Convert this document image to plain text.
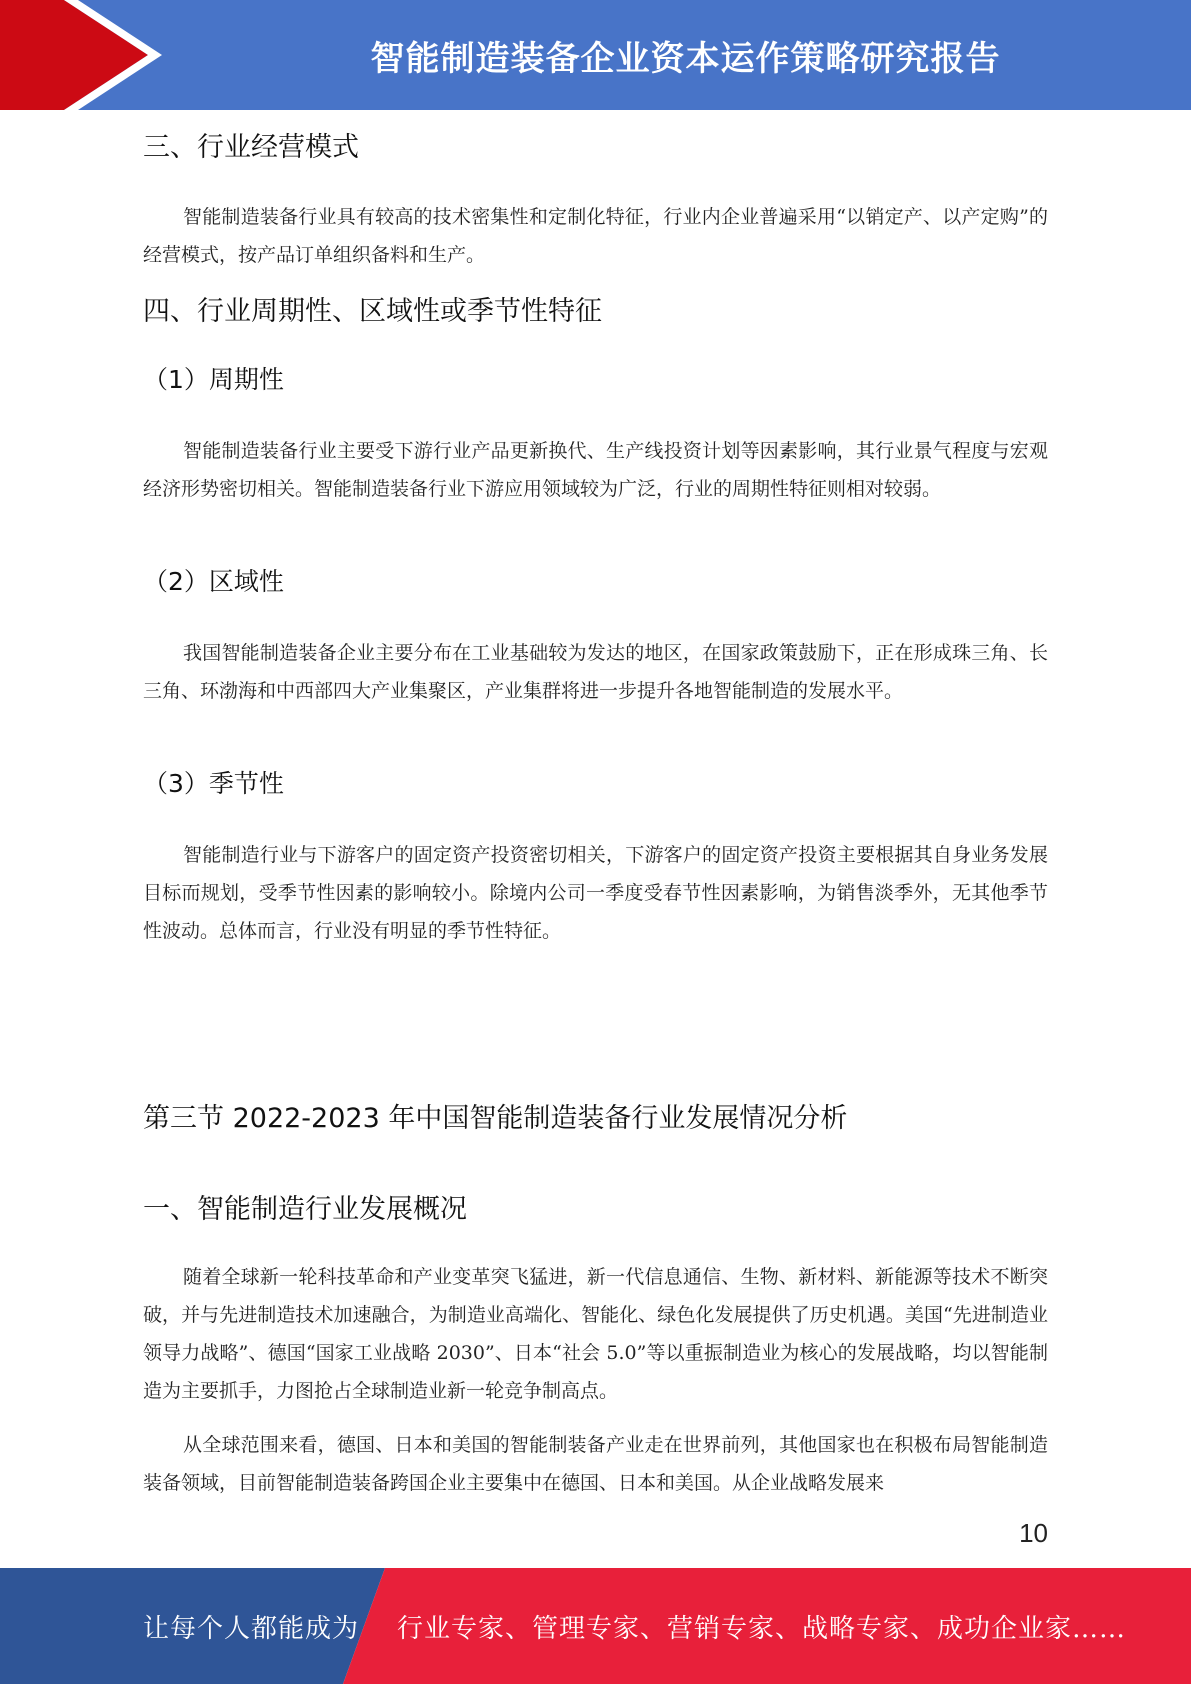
智能制造装备企业资本运作策略研究报告
三、行业经营模式
智能制造装备行业具有较高的技术密集性和定制化特征，行业内企业普遍采用“以销定产、以产定购”的经营模式，按产品订单组织备料和生产。
四、行业周期性、区域性或季节性特征
（1）周期性
智能制造装备行业主要受下游行业产品更新换代、生产线投资计划等因素影响，其行业景气程度与宏观经济形势密切相关。智能制造装备行业下游应用领域较为广泛，行业的周期性特征则相对较弱。
（2）区域性
我国智能制造装备企业主要分布在工业基础较为发达的地区，在国家政策鼓励下，正在形成珠三角、长三角、环渤海和中西部四大产业集聚区，产业集群将进一步提升各地智能制造的发展水平。
（3）季节性
智能制造行业与下游客户的固定资产投资密切相关，下游客户的固定资产投资主要根据其自身业务发展目标而规划，受季节性因素的影响较小。除境内公司一季度受春节性因素影响，为销售淡季外，无其他季节性波动。总体而言，行业没有明显的季节性特征。
第三节 2022-2023 年中国智能制造装备行业发展情况分析
一、智能制造行业发展概况
随着全球新一轮科技革命和产业变革突飞猛进，新一代信息通信、生物、新材料、新能源等技术不断突破，并与先进制造技术加速融合，为制造业高端化、智能化、绿色化发展提供了历史机遇。美国“先进制造业领导力战略”、德国“国家工业战略 2030”、日本“社会 5.0”等以重振制造业为核心的发展战略，均以智能制造为主要抓手，力图抢占全球制造业新一轮竞争制高点。
从全球范围来看，德国、日本和美国的智能制装备产业走在世界前列，其他国家也在积极布局智能制造装备领域，目前智能制造装备跨国企业主要集中在德国、日本和美国。从企业战略发展来
10
让每个人都能成为 行业专家、管理专家、营销专家、战略专家、成功企业家……
